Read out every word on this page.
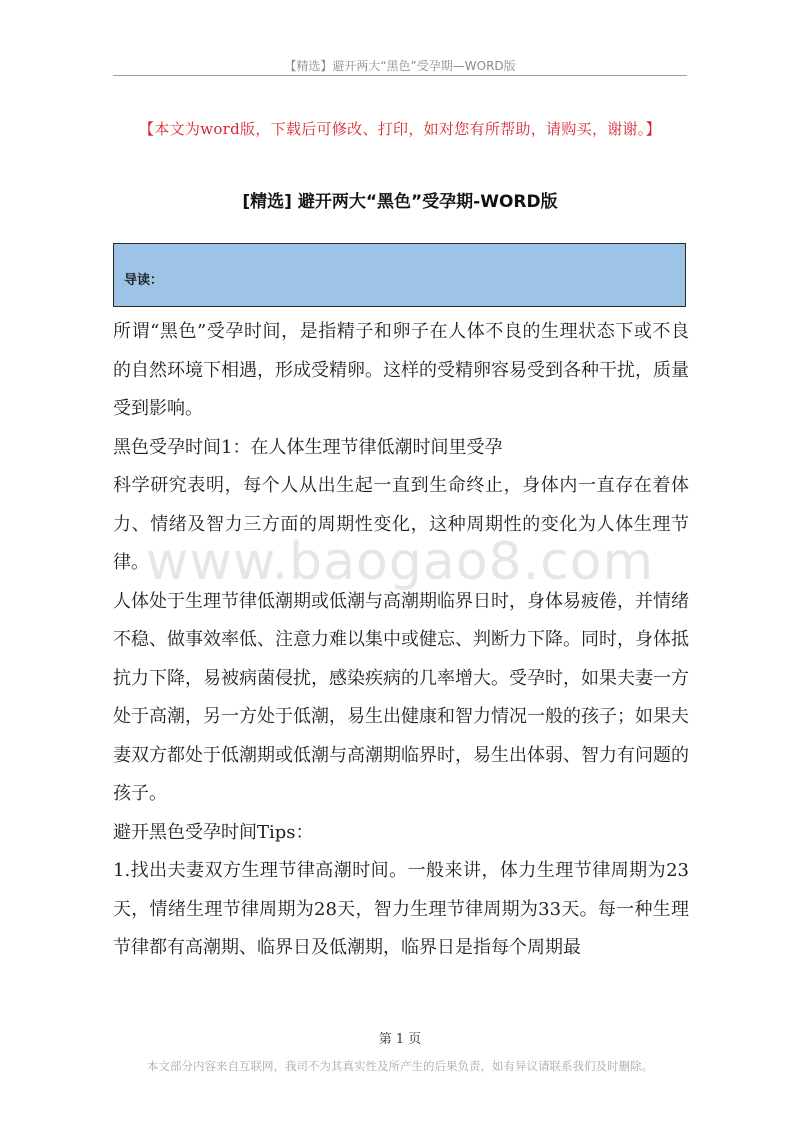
【精选】避开两大“黑色”受孕期—WORD版
【本文为word版，下载后可修改、打印，如对您有所帮助，请购买，谢谢。】
[精选] 避开两大“黑色”受孕期-WORD版
导读：
www.baogao8.com

所谓“黑色”受孕时间，是指精子和卵子在人体不良的生理状态下或不良的自然环境下相遇，形成受精卵。这样的受精卵容易受到各种干扰，质量受到影响。

黑色受孕时间1：在人体生理节律低潮时间里受孕

科学研究表明，每个人从出生起一直到生命终止，身体内一直存在着体力、情绪及智力三方面的周期性变化，这种周期性的变化为人体生理节律。

人体处于生理节律低潮期或低潮与高潮期临界日时，身体易疲倦，并情绪不稳、做事效率低、注意力难以集中或健忘、判断力下降。同时，身体抵抗力下降，易被病菌侵扰，感染疾病的几率增大。受孕时，如果夫妻一方处于高潮，另一方处于低潮，易生出健康和智力情况一般的孩子；如果夫妻双方都处于低潮期或低潮与高潮期临界时，易生出体弱、智力有问题的孩子。

避开黑色受孕时间Tips：

1.找出夫妻双方生理节律高潮时间。一般来讲，体力生理节律周期为23天，情绪生理节律周期为28天，智力生理节律周期为33天。每一种生理节律都有高潮期、临界日及低潮期，临界日是指每个周期最

第 1 页
本文部分内容来自互联网，我司不为其真实性及所产生的后果负责，如有异议请联系我们及时删除。
